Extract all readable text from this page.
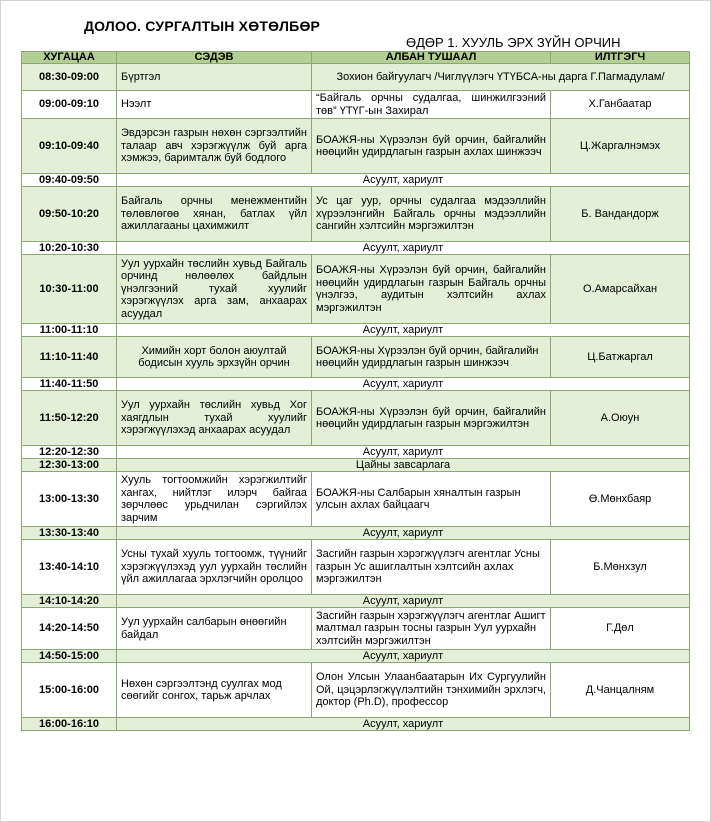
ДОЛОО. СУРГАЛТЫН ХӨТӨЛБӨР
ӨДӨР 1. ХУУЛЬ ЭРХ ЗҮЙН ОРЧИН
ХУГАЦАА	СЭДЭВ	АЛБАН ТУШААЛ	ИЛТГЭГЧ
08:30-09:00	Бүртгэл	Зохион байгуулагч /Чиглүүлэгч ҮТҮБСА-ны дарга Г.Пагмадулам/	
09:00-09:10	Нээлт	“Байгаль орчны судалгаа, шинжилгээний төв” ҮТҮГ-ын Захирал	Х.Ганбаатар
09:10-09:40	Эвдэрсэн газрын нөхөн сэргээлтийн талаар авч хэрэгжүүлж буй арга хэмжээ, баримталж буй бодлого	БОАЖЯ-ны Хүрээлэн буй орчин, байгалийн нөөцийн удирдлагын газрын ахлах шинжээч	Ц.Жаргалнэмэх
09:40-09:50	Асуулт, хариулт		
09:50-10:20	Байгаль орчны менежментийн төлөвлөгөө хянан, батлах үйл ажиллагааны цахимжилт	Ус цаг уур, орчны судалгаа мэдээллийн хүрээлэнгийн Байгаль орчны мэдээллийн сангийн хэлтсийн мэргэжилтэн	Б. Вандандорж
10:20-10:30	Асуулт, хариулт		
10:30-11:00	Уул уурхайн төслийн хувьд Байгаль орчинд нөлөөлөх байдлын үнэлгээний тухай хуулийг хэрэгжүүлэх арга зам, анхаарах асуудал	БОАЖЯ-ны Хүрээлэн буй орчин, байгалийн нөөцийн удирдлагын газрын Байгаль орчны үнэлгээ, аудитын хэлтсийн ахлах мэргэжилтэн	О.Амарсайхан
11:00-11:10	Асуулт, хариулт		
11:10-11:40	Химийн хорт болон аюултай бодисын хууль эрхзүйн орчин	БОАЖЯ-ны Хүрээлэн буй орчин, байгалийн нөөцийн удирдлагын газрын шинжээч	Ц.Батжаргал
11:40-11:50	Асуулт, хариулт		
11:50-12:20	Уул уурхайн төслийн хувьд Хог хаягдлын тухай хуулийг хэрэгжүүлэхэд анхаарах асуудал	БОАЖЯ-ны Хүрээлэн буй орчин, байгалийн нөөцийн удирдлагын газрын мэргэжилтэн	А.Оюун
12:20-12:30	Асуулт, хариулт		
12:30-13:00	Цайны завсарлага		
13:00-13:30	Хууль тогтоомжийн хэрэгжилтийг хангах, нийтлэг илэрч байгаа зөрчлөөс урьдчилан сэргийлэх зарчим	БОАЖЯ-ны Салбарын хяналтын газрын улсын ахлах байцаагч	Ө.Мөнхбаяр
13:30-13:40	Асуулт, хариулт		
13:40-14:10	Усны тухай хууль тогтоомж, түүнийг хэрэгжүүлэхэд уул уурхайн төслийн үйл ажиллагаа эрхлэгчийн оролцоо	Засгийн газрын хэрэгжүүлэгч агентлаг Усны газрын Ус ашиглалтын хэлтсийн ахлах мэргэжилтэн	Б.Мөнхзул
14:10-14:20	Асуулт, хариулт		
14:20-14:50	Уул уурхайн салбарын өнөөгийн байдал	Засгийн газрын хэрэгжүүлэгч агентлаг Ашигт малтмал газрын тосны газрын Уул уурхайн хэлтсийн мэргэжилтэн	Г.Дөл
14:50-15:00	Асуулт, хариулт		
15:00-16:00	Нөхөн сэргээлтэнд суулгах мод сөөгийг сонгох, тарьж арчлах	Олон Улсын Улаанбаатарын Их Сургуулийн Ой, цэцэрлэгжүүлэлтийн тэнхимийн эрхлэгч, доктор (Ph.D), профессор	Д.Чанцалням
16:00-16:10	Асуулт, хариулт		
